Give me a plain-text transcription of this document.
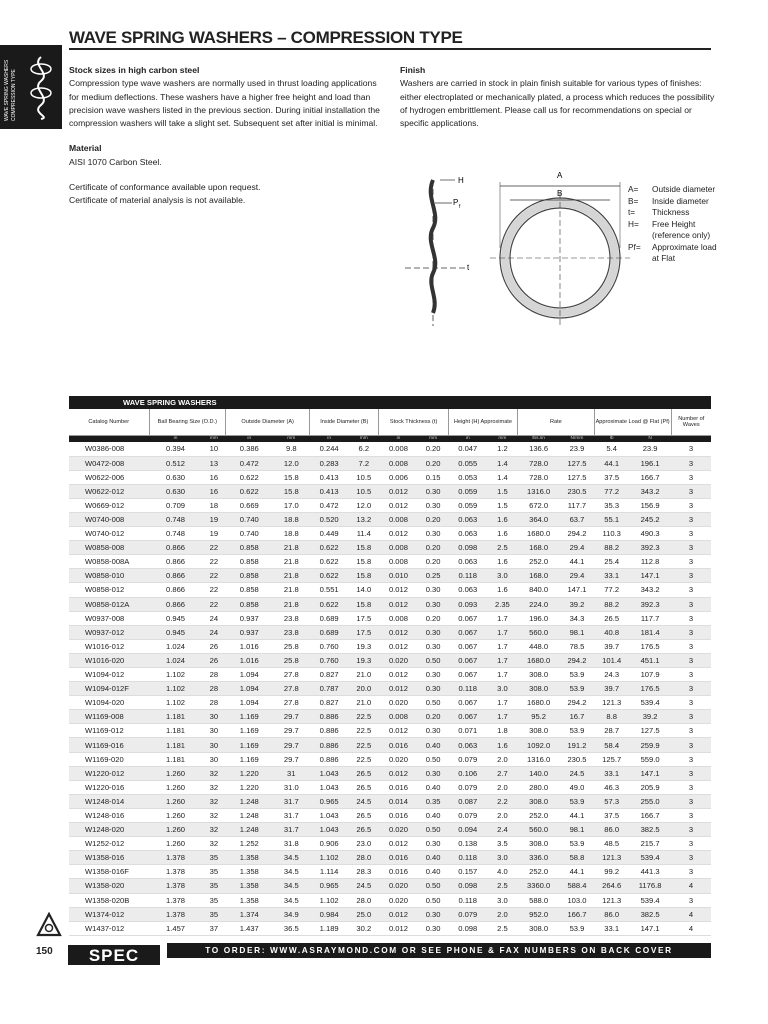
WAVE SPRING WASHERS COMPRESSION TYPE
WAVE SPRING WASHERS – COMPRESSION TYPE
Stock sizes in high carbon steel
Compression type wave washers are normally used in thrust loading applications for medium deflections. These washers have a higher free height and load than precision wave washers listed in the previous section. During initial installation the compression washers will take a slight set. Subsequent set after initial is minimal.
Material
AISI 1070 Carbon Steel.
Certificate of conformance available upon request.
Certificate of material analysis is not available.
Finish
Washers are carried in stock in plain finish suitable for various types of finishes: either electroplated or mechanically plated, a process which reduces the possibility of hydrogen embrittlement. Please call us for recommendations on special or specific applications.
H
P f
t
A
B	A=	Outside diameter
B=	Inside diameter
t=	Thickness
H=	Free Height (reference only)
Pf=	Approximate load at Flat
WAVE SPRING WASHERS															
Catalog Number	Ball Bearing Size (O.D.)		Outside Diameter (A)		Inside Diameter (B)		Stock Thickness (t)		Height (H) Approximate		Rate		Approximate Load @ Flat (Pf)		Number of Waves
	in	mm	in	mm	in	mm	in	mm	in	mm	lbs./in	N/mm	lb	N	
W0386-008	0.394	10	0.386	9.8	0.244	6.2	0.008	0.20	0.047	1.2	136.6	23.9	5.4	23.9	3
W0472-008	0.512	13	0.472	12.0	0.283	7.2	0.008	0.20	0.055	1.4	728.0	127.5	44.1	196.1	3
W0622-006	0.630	16	0.622	15.8	0.413	10.5	0.006	0.15	0.053	1.4	728.0	127.5	37.5	166.7	3
W0622-012	0.630	16	0.622	15.8	0.413	10.5	0.012	0.30	0.059	1.5	1316.0	230.5	77.2	343.2	3
W0669-012	0.709	18	0.669	17.0	0.472	12.0	0.012	0.30	0.059	1.5	672.0	117.7	35.3	156.9	3
W0740-008	0.748	19	0.740	18.8	0.520	13.2	0.008	0.20	0.063	1.6	364.0	63.7	55.1	245.2	3
W0740-012	0.748	19	0.740	18.8	0.449	11.4	0.012	0.30	0.063	1.6	1680.0	294.2	110.3	490.3	3
W0858-008	0.866	22	0.858	21.8	0.622	15.8	0.008	0.20	0.098	2.5	168.0	29.4	88.2	392.3	3
W0858-008A	0.866	22	0.858	21.8	0.622	15.8	0.008	0.20	0.063	1.6	252.0	44.1	25.4	112.8	3
W0858-010	0.866	22	0.858	21.8	0.622	15.8	0.010	0.25	0.118	3.0	168.0	29.4	33.1	147.1	3
W0858-012	0.866	22	0.858	21.8	0.551	14.0	0.012	0.30	0.063	1.6	840.0	147.1	77.2	343.2	3
W0858-012A	0.866	22	0.858	21.8	0.622	15.8	0.012	0.30	0.093	2.35	224.0	39.2	88.2	392.3	3
W0937-008	0.945	24	0.937	23.8	0.689	17.5	0.008	0.20	0.067	1.7	196.0	34.3	26.5	117.7	3
W0937-012	0.945	24	0.937	23.8	0.689	17.5	0.012	0.30	0.067	1.7	560.0	98.1	40.8	181.4	3
W1016-012	1.024	26	1.016	25.8	0.760	19.3	0.012	0.30	0.067	1.7	448.0	78.5	39.7	176.5	3
W1016-020	1.024	26	1.016	25.8	0.760	19.3	0.020	0.50	0.067	1.7	1680.0	294.2	101.4	451.1	3
W1094-012	1.102	28	1.094	27.8	0.827	21.0	0.012	0.30	0.067	1.7	308.0	53.9	24.3	107.9	3
W1094-012F	1.102	28	1.094	27.8	0.787	20.0	0.012	0.30	0.118	3.0	308.0	53.9	39.7	176.5	3
W1094-020	1.102	28	1.094	27.8	0.827	21.0	0.020	0.50	0.067	1.7	1680.0	294.2	121.3	539.4	3
W1169-008	1.181	30	1.169	29.7	0.886	22.5	0.008	0.20	0.067	1.7	95.2	16.7	8.8	39.2	3
W1169-012	1.181	30	1.169	29.7	0.886	22.5	0.012	0.30	0.071	1.8	308.0	53.9	28.7	127.5	3
W1169-016	1.181	30	1.169	29.7	0.886	22.5	0.016	0.40	0.063	1.6	1092.0	191.2	58.4	259.9	3
W1169-020	1.181	30	1.169	29.7	0.886	22.5	0.020	0.50	0.079	2.0	1316.0	230.5	125.7	559.0	3
W1220-012	1.260	32	1.220	31	1.043	26.5	0.012	0.30	0.106	2.7	140.0	24.5	33.1	147.1	3
W1220-016	1.260	32	1.220	31.0	1.043	26.5	0.016	0.40	0.079	2.0	280.0	49.0	46.3	205.9	3
W1248-014	1.260	32	1.248	31.7	0.965	24.5	0.014	0.35	0.087	2.2	308.0	53.9	57.3	255.0	3
W1248-016	1.260	32	1.248	31.7	1.043	26.5	0.016	0.40	0.079	2.0	252.0	44.1	37.5	166.7	3
W1248-020	1.260	32	1.248	31.7	1.043	26.5	0.020	0.50	0.094	2.4	560.0	98.1	86.0	382.5	3
W1252-012	1.260	32	1.252	31.8	0.906	23.0	0.012	0.30	0.138	3.5	308.0	53.9	48.5	215.7	3
W1358-016	1.378	35	1.358	34.5	1.102	28.0	0.016	0.40	0.118	3.0	336.0	58.8	121.3	539.4	3
W1358-016F	1.378	35	1.358	34.5	1.114	28.3	0.016	0.40	0.157	4.0	252.0	44.1	99.2	441.3	3
W1358-020	1.378	35	1.358	34.5	0.965	24.5	0.020	0.50	0.098	2.5	3360.0	588.4	264.6	1176.8	4
W1358-020B	1.378	35	1.358	34.5	1.102	28.0	0.020	0.50	0.118	3.0	588.0	103.0	121.3	539.4	3
W1374-012	1.378	35	1.374	34.9	0.984	25.0	0.012	0.30	0.079	2.0	952.0	166.7	86.0	382.5	4
W1437-012	1.457	37	1.437	36.5	1.189	30.2	0.012	0.30	0.098	2.5	308.0	53.9	33.1	147.1	4
150 SPEC	TO ORDER: WWW.ASRAYMOND.COM OR SEE PHONE & FAX NUMBERS ON BACK COVER
